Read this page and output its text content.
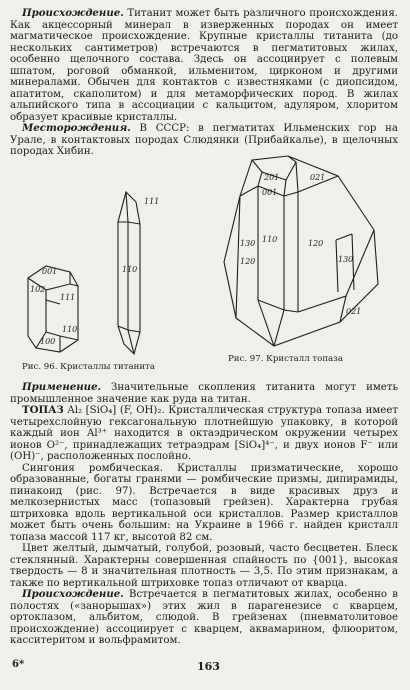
Происхождение. Титанит может быть различного происхождения. Как акцессорный минерал в изверженных породах он имеет магматическое происхождение. Крупные кристаллы титанита (до нескольких сантиметров) встречаются в пегматитовых жилах, особенно щелочного состава. Здесь он ассоциирует с полевым шпатом, роговой обманкой, ильменитом, цирконом и другими минералами. Обычен для контактов с известняками (с диопсидом, апатитом, скаполитом) и для метаморфических пород. В жилах альпийского типа в ассоциации с кальцитом, адуляром, хлоритом образует красивые кристаллы.

Месторождения. В СССР: в пегматитах Ильменских гор на Урале, в контактовых породах Слюдянки (Прибайкалье), в щелочных породах Хибин.

001
102
111
100
110
111
110
201
001
021
130
120
110	120
130
021
Рис. 96. Кристаллы титанита
Рис. 97. Кристалл топаза

Применение. Значительные скопления титанита могут иметь промышленное значение как руда на титан.

ТОПАЗ Al₂ [SiO₄] (F, OH)₂. Кристаллическая структура топаза имеет четырехслойную гексагональную плотнейшую упаковку, в которой каждый ион Al³⁺ находится в октаэдрическом окружении четырех ионов O²⁻, принадлежащих тетраэдрам [SiO₄]⁴⁻, и двух ионов F⁻ или (OH)⁻, расположенных послойно.

Сингония ромбическая. Кристаллы призматические, хорошо образованные, богаты гранями — ромбические призмы, дипирамиды, пинакоид (рис. 97). Встречается в виде красивых друз и мелкозернистых масс (топазовый грейзен). Характерна грубая штриховка вдоль вертикальной оси кристаллов. Размер кристаллов может быть очень большим: на Украине в 1966 г. найден кристалл топаза массой 117 кг, высотой 82 см.

Цвет желтый, дымчатый, голубой, розовый, часто бесцветен. Блеск стеклянный. Характерны совершенная спайность по {001}, высокая твердость — 8 и значительная плотность — 3,5. По этим признакам, а также по вертикальной штриховке топаз отличают от кварца.

Происхождение. Встречается в пегматитовых жилах, особенно в полостях («занорышах») этих жил в парагенезисе с кварцем, ортоклазом, альбитом, слюдой. В грейзенах (пневматолитовое происхождение) ассоциирует с кварцем, аквамарином, флюоритом, касситеритом и вольфрамитом.

6*	163
